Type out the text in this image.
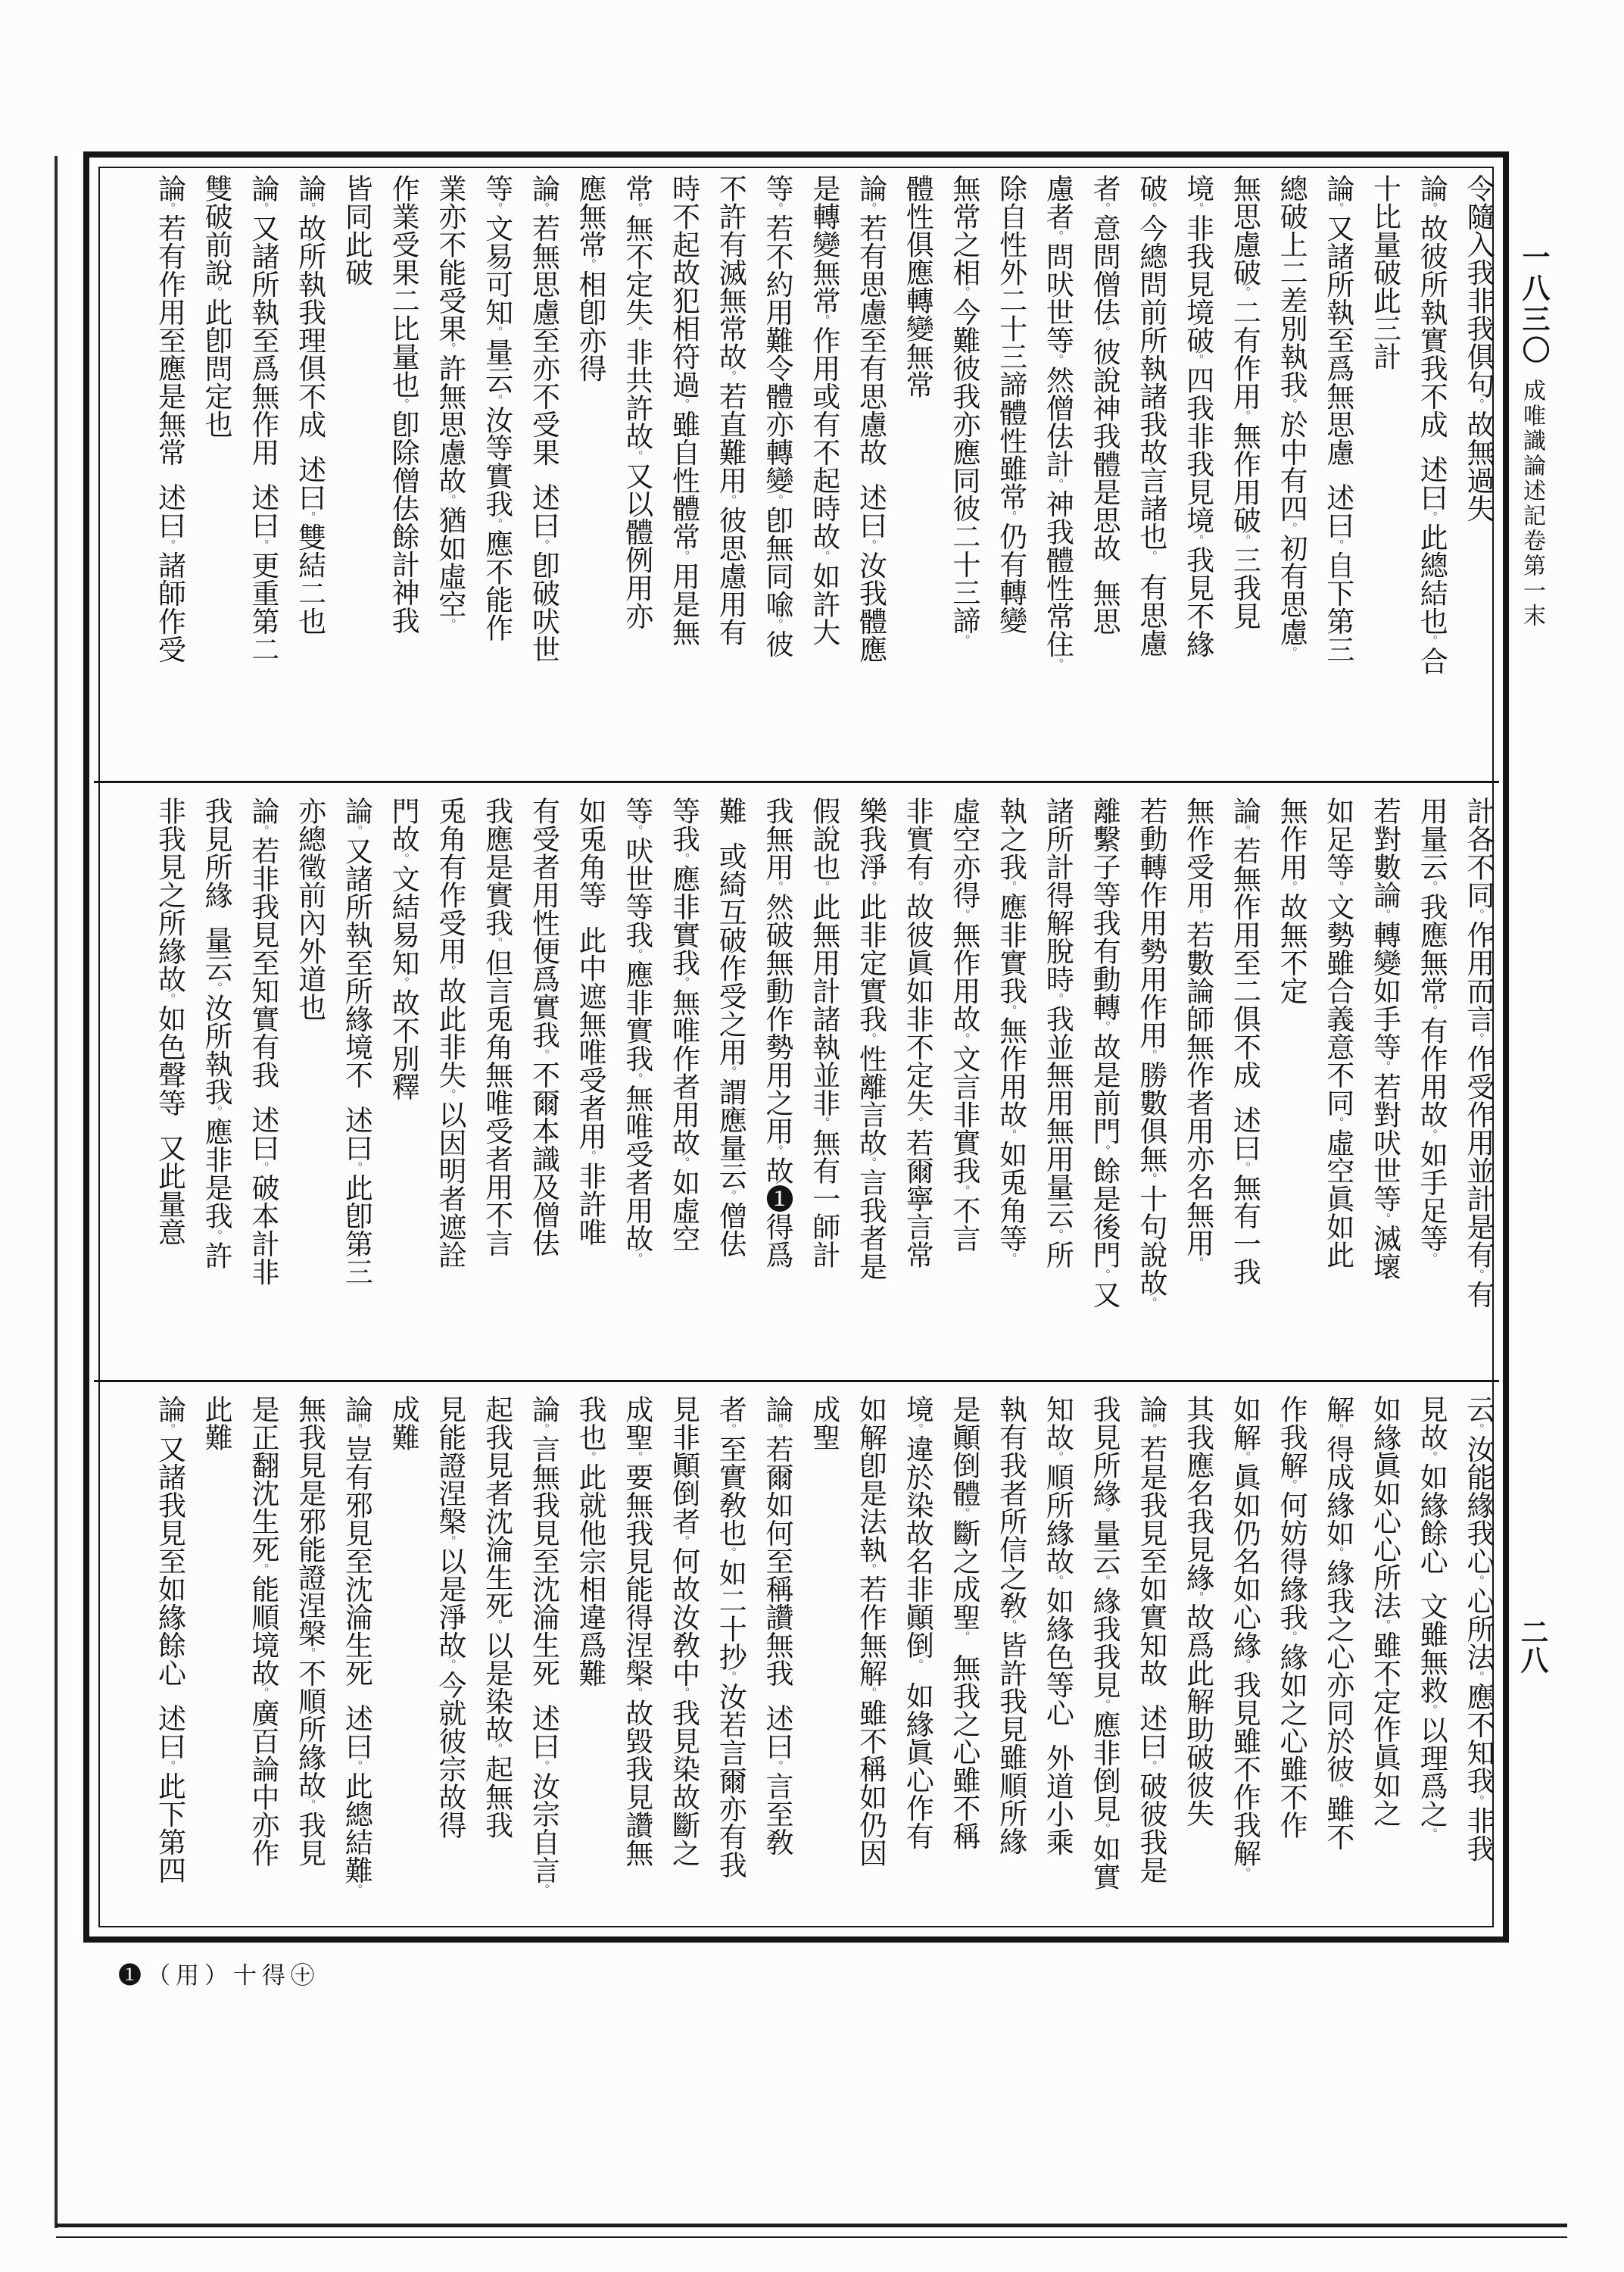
令隨入我非我俱句。故無過失
論。故彼所執實我不成　述曰。此總結也。合
十比量破此三計
論。又諸所執至爲無思慮　述曰。自下第三
總破上二差別執我。於中有四。初有思慮。
無思慮破。二有作用。無作用破。三我見
境。非我見境破。四我非我見境。我見不緣
破。今總問前所執諸我故言諸也。　有思慮
者。意問僧佉。彼說神我體是思故　無思
慮者。問吠世等。然僧佉計。神我體性常住。
除自性外二十三諦體性雖常。仍有轉變
無常之相。今難彼我亦應同彼二十三諦。
體性俱應轉變無常
論。若有思慮至有思慮故　述曰。汝我體應
是轉變無常。作用或有不起時故。如許大
等。若不約用難令體亦轉變。卽無同喩。彼
不許有滅無常故。若直難用。彼思慮用有
時不起故犯相符過。雖自性體常。用是無
常。無不定失。非共許故。又以體例用亦
應無常。相卽亦得
論。若無思慮至亦不受果　述曰。卽破吠世
等。文易可知。量云。汝等實我。應不能作
業亦不能受果。許無思慮故。猶如虛空。
作業受果二比量也。卽除僧佉餘計神我
皆同此破
論。故所執我理俱不成　述曰。雙結二也
論。又諸所執至爲無作用　述曰。更重第二
雙破前說。此卽問定也
論。若有作用至應是無常　述曰。諸師作受
計各不同。作用而言。作受作用並計是有。有
用量云。我應無常。有作用故。如手足等。
若對數論。轉變如手等。若對吠世等。滅壞
如足等。文勢雖合義意不同。虛空眞如此
無作用。故無不定
論。若無作用至二俱不成　述曰。無有一我
無作受用。若數論師無作者用亦名無用。
若動轉作用勢用作用。勝數俱無。十句說故。
離繫子等我有動轉。故是前門。餘是後門。又
諸所計得解脫時。我並無用無用量云。所
執之我。應非實我。無作用故。如兎角等。
虛空亦得。無作用故。文言非實我。不言
非實有。故彼眞如非不定失。若爾寧言常
樂我淨。此非定實我。性離言故。言我者是
假說也。此無用計諸執並非。無有一師計
我無用。然破無動作勢用之用。故❶得爲
難　或綺互破作受之用。謂應量云。僧佉
等我。應非實我。無唯作者用故。如虛空
等。吠世等我。應非實我。無唯受者用故。
如兎角等　此中遮無唯受者用。非許唯
有受者用性便爲實我。不爾本識及僧佉
我應是實我。但言兎角無唯受者用不言
兎角有作受用。故此非失。以因明者遮詮
門故。文結易知。故不別釋
論。又諸所執至所緣境不　述曰。此卽第三
亦總徵前內外道也
論。若非我見至知實有我　述曰。破本計非
我見所緣　量云。汝所執我。應非是我。許
非我見之所緣故。如色聲等　又此量意
云。汝能緣我心。心所法。應不知我。非我
見故。如緣餘心　文雖無救。以理爲之。
如緣眞如心心所法。雖不定作眞如之
解。得成緣如。緣我之心亦同於彼。雖不
作我解。何妨得緣我。緣如之心雖不作
如解。眞如仍名如心緣。我見雖不作我解。
其我應名我見緣。故爲此解助破彼失
論。若是我見至如實知故　述曰。破彼我是
我見所緣。量云。緣我我見。應非倒見。如實
知故。順所緣故。如緣色等心　外道小乘
執有我者所信之敎。皆許我見雖順所緣
是顚倒體。斷之成聖。　無我之心雖不稱
境。違於染故名非顚倒。　如緣眞心作有
如解卽是法執。若作無解。雖不稱如仍因
成聖
論。若爾如何至稱讚無我　述曰。言至敎
者。至實敎也。如二十抄。汝若言爾亦有我
見非顚倒者。何故汝敎中。我見染故斷之
成聖。要無我見能得涅槃。故毀我見讚無
我也。此就他宗相違爲難
論。言無我見至沈淪生死　述曰。汝宗自言。
起我見者沈淪生死。以是染故。起無我
見能證涅槃。以是淨故。今就彼宗故得
成難
論。豈有邪見至沈淪生死　述曰。此總結難。
無我見是邪能證涅槃。不順所緣故。我見
是正翻沈生死。能順境故。廣百論中亦作
此難
論。又諸我見至如緣餘心　述曰。此下第四
一八三〇
成唯識論述記卷第一末
二八
❶（用）十得㊉
